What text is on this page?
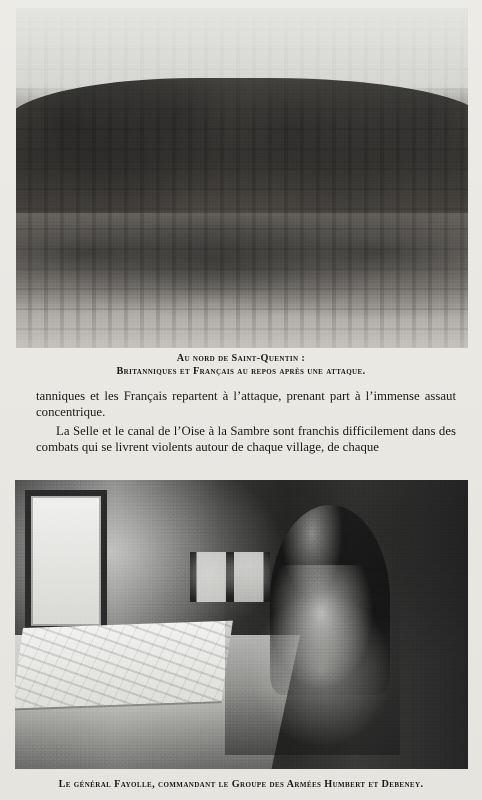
Au nord de Saint-Quentin :
Britanniques et Français au repos après une attaque.
tanniques et les Français repartent à l’attaque, prenant part à l’immense assaut concentrique.
La Selle et le canal de l’Oise à la Sambre sont franchis difficilement dans des combats qui se livrent violents autour de chaque village, de chaque
Le général Fayolle, commandant le Groupe des Armées Humbert et Debeney.
